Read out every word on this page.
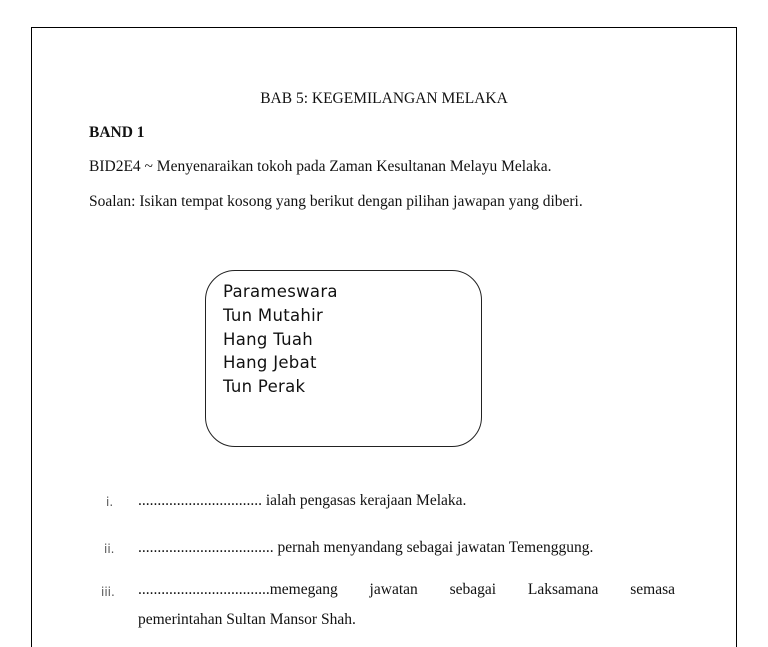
BAB 5: KEGEMILANGAN MELAKA
BAND 1
BID2E4 ~ Menyenaraikan tokoh pada Zaman Kesultanan Melayu Melaka.
Soalan: Isikan tempat kosong yang berikut dengan pilihan jawapan yang diberi.
Parameswara
Tun Mutahir
Hang Tuah
Hang Jebat
Tun Perak
i. ................................ ialah pengasas kerajaan Melaka.
ii. ................................... pernah menyandang sebagai jawatan Temenggung.
iii. ..................................memegang jawatan sebagai Laksamana semasa
pemerintahan Sultan Mansor Shah.
